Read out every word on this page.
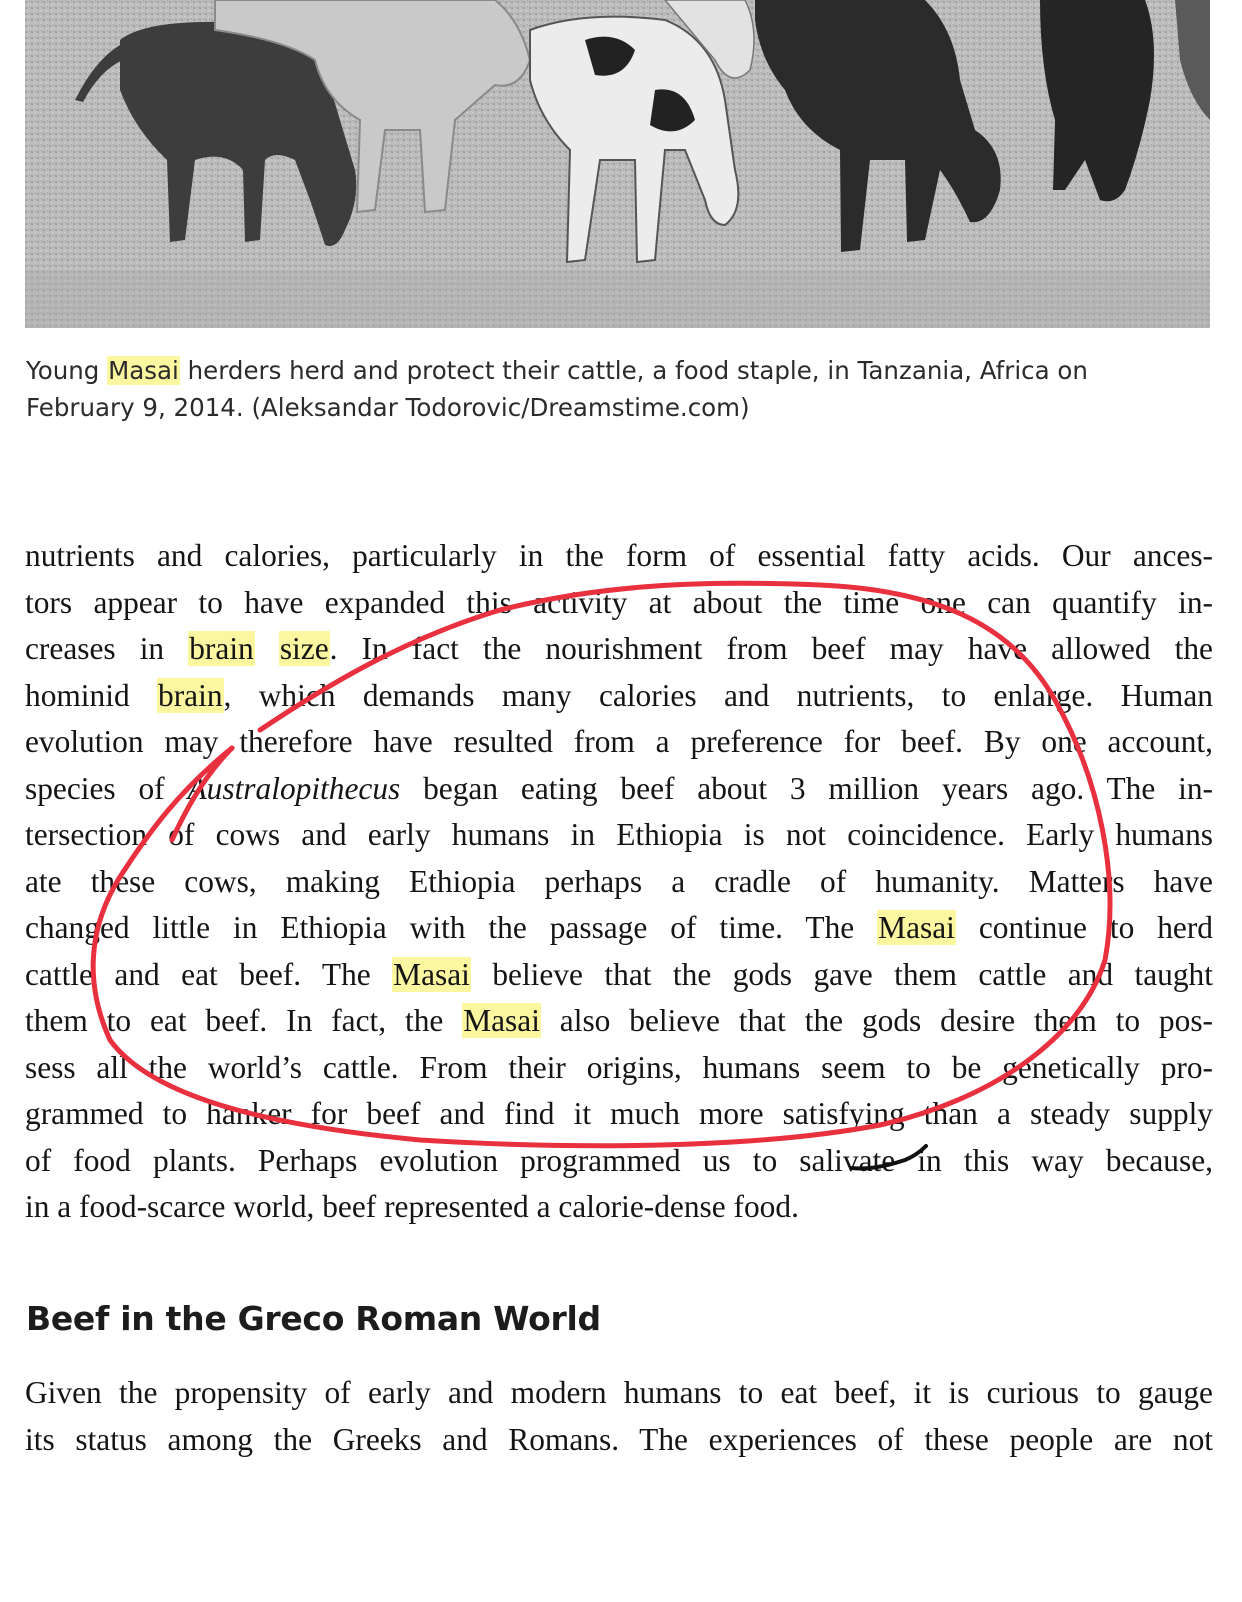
Young Masai herders herd and protect their cattle, a food staple, in Tanzania, Africa on
February 9, 2014. (Aleksandar Todorovic/Dreamstime.com)
nutrients and calories, particularly in the form of essential fatty acids. Our ances-
tors appear to have expanded this activity at about the time one can quantify in-
creases in brain size. In fact the nourishment from beef may have allowed the
hominid brain, which demands many calories and nutrients, to enlarge. Human
evolution may therefore have resulted from a preference for beef. By one account,
species of Australopithecus began eating beef about 3 million years ago. The in-
tersection of cows and early humans in Ethiopia is not coincidence. Early humans
ate these cows, making Ethiopia perhaps a cradle of humanity. Matters have
changed little in Ethiopia with the passage of time. The Masai continue to herd
cattle and eat beef. The Masai believe that the gods gave them cattle and taught
them to eat beef. In fact, the Masai also believe that the gods desire them to pos-
sess all the world’s cattle. From their origins, humans seem to be genetically pro-
grammed to hanker for beef and find it much more satisfying than a steady supply
of food plants. Perhaps evolution programmed us to salivate in this way because,
in a food-scarce world, beef represented a calorie-dense food.
Beef in the Greco Roman World
Given the propensity of early and modern humans to eat beef, it is curious to gauge
its status among the Greeks and Romans. The experiences of these people are not
